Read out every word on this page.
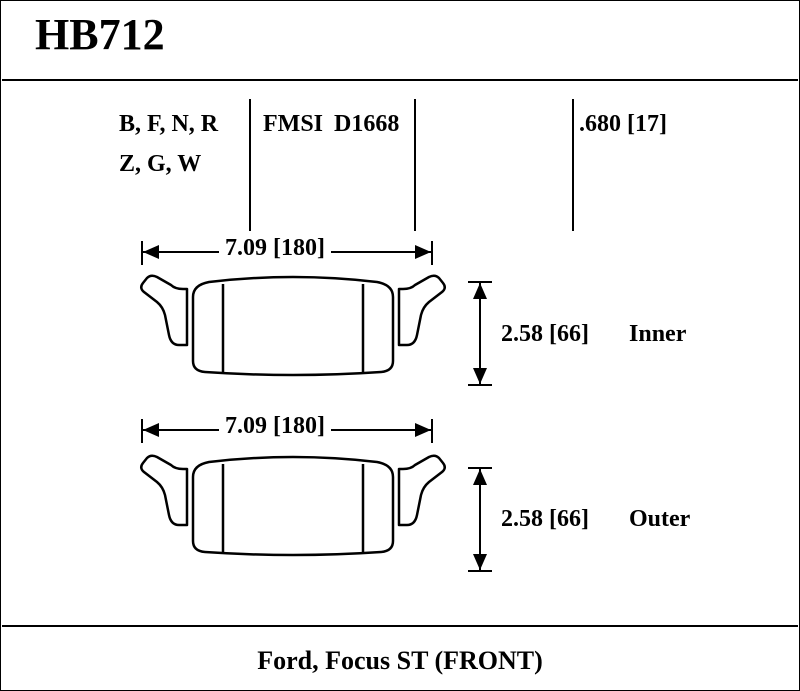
HB712
B, F, N, R
Z, G, W
FMSI D1668	.680 [17]
7.09 [180]
2.58 [66] Inner
7.09 [180]
2.58 [66] Outer
Ford, Focus ST (FRONT)
